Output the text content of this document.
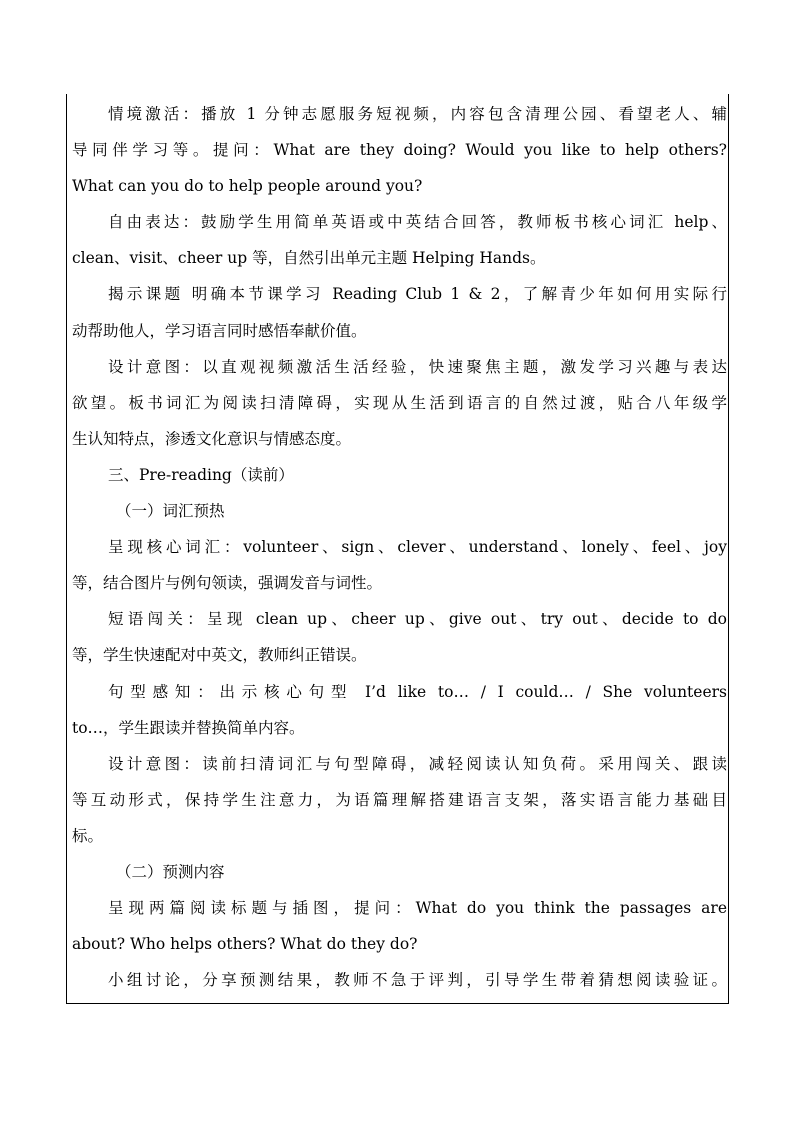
情境激活：播放 1 分钟志愿服务短视频，内容包含清理公园、看望老人、辅
导同伴学习等。提问：What are they doing? Would you like to help others?
What can you do to help people around you?
自由表达：鼓励学生用简单英语或中英结合回答，教师板书核心词汇 help、
clean、visit、cheer up 等，自然引出单元主题 Helping Hands。
揭示课题 明确本节课学习 Reading Club 1 & 2，了解青少年如何用实际行
动帮助他人，学习语言同时感悟奉献价值。
设计意图：以直观视频激活生活经验，快速聚焦主题，激发学习兴趣与表达
欲望。板书词汇为阅读扫清障碍，实现从生活到语言的自然过渡，贴合八年级学
生认知特点，渗透文化意识与情感态度。
三、Pre-reading（读前）
（一）词汇预热
呈现核心词汇：volunteer、sign、clever、understand、lonely、feel、joy
等，结合图片与例句领读，强调发音与词性。
短语闯关：呈现 clean up、cheer up、give out、try out、decide to do
等，学生快速配对中英文，教师纠正错误。
句型感知：出示核心句型 I’d like to… / I could… / She volunteers
to…，学生跟读并替换简单内容。
设计意图：读前扫清词汇与句型障碍，减轻阅读认知负荷。采用闯关、跟读
等互动形式，保持学生注意力，为语篇理解搭建语言支架，落实语言能力基础目
标。
（二）预测内容
呈现两篇阅读标题与插图，提问：What do you think the passages are
about? Who helps others? What do they do?
小组讨论，分享预测结果，教师不急于评判，引导学生带着猜想阅读验证。
